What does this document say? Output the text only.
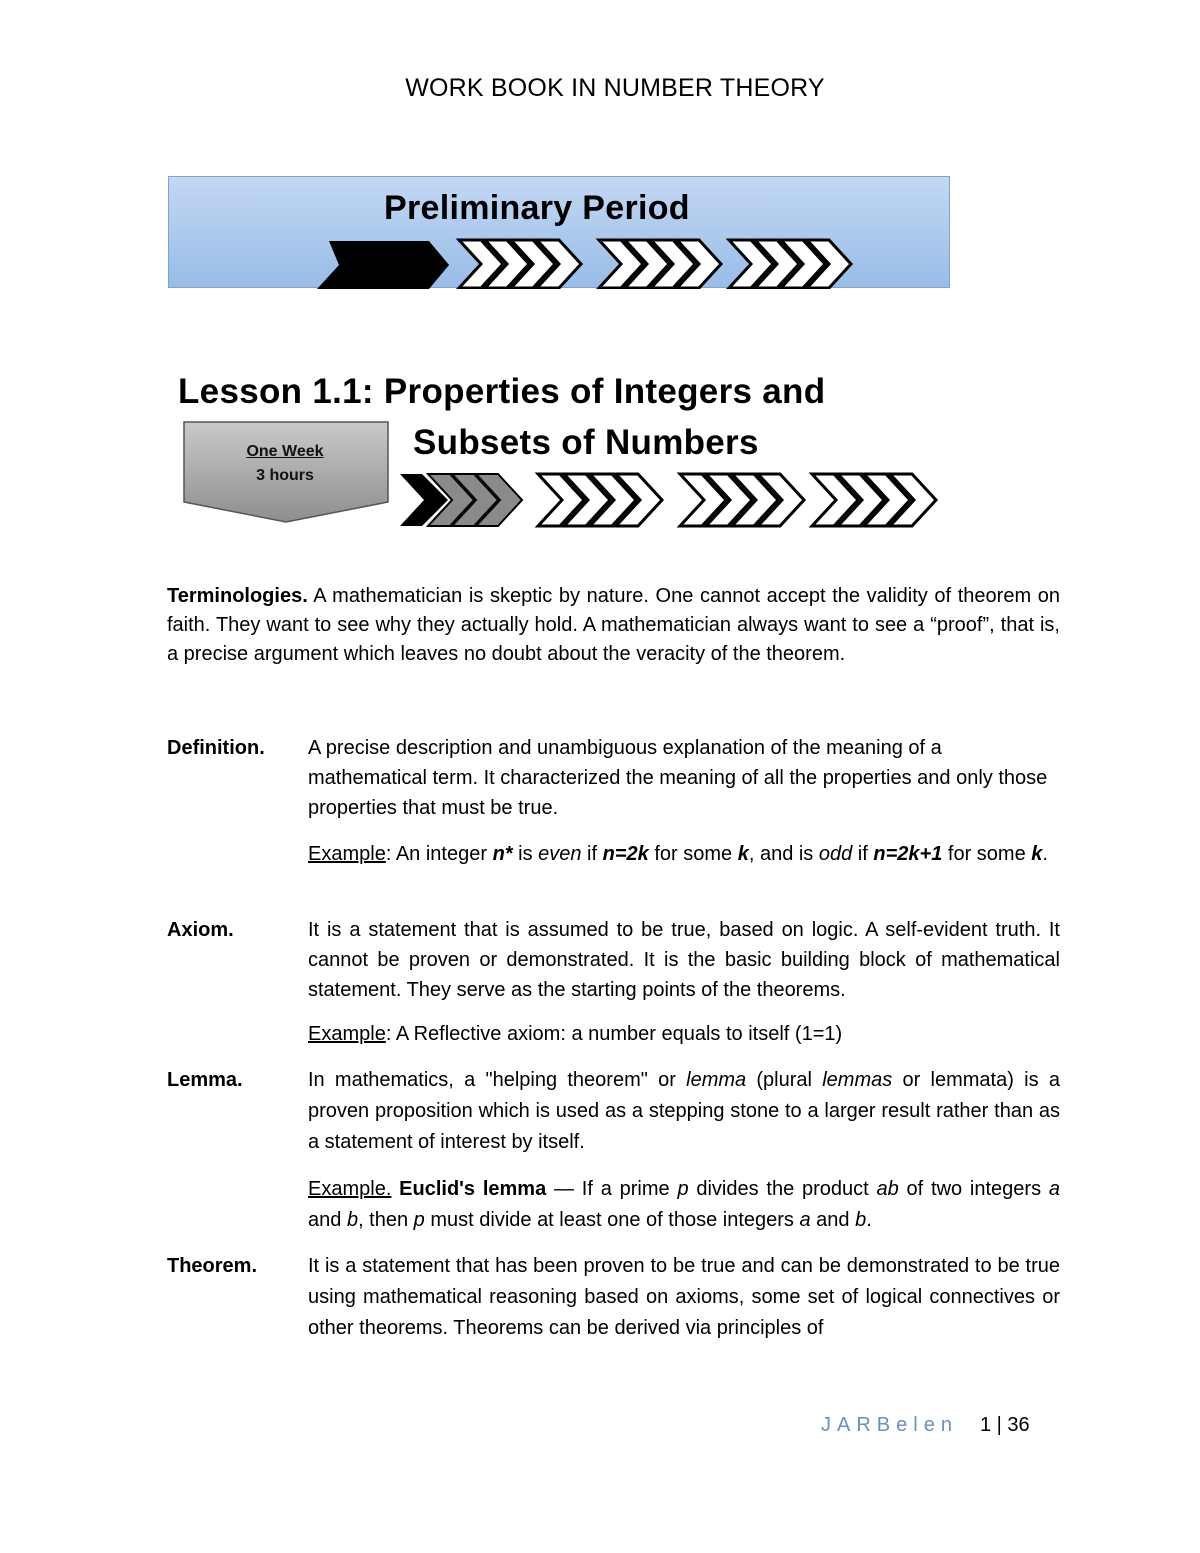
WORK BOOK IN NUMBER THEORY
Preliminary Period
Lesson 1.1: Properties of Integers and
Subsets of Numbers
One Week
3 hours
Terminologies. A mathematician is skeptic by nature. One cannot accept the validity of theorem on faith. They want to see why they actually hold. A mathematician always want to see a “proof”, that is, a precise argument which leaves no doubt about the veracity of the theorem.
Definition. A precise description and unambiguous explanation of the meaning of a mathematical term. It characterized the meaning of all the properties and only those properties that must be true.
Example: An integer n* is even if n=2k for some k, and is odd if n=2k+1 for some k.
Axiom.	It is a statement that is assumed to be true, based on logic. A self-evident truth. It cannot be proven or demonstrated. It is the basic building block of mathematical statement. They serve as the starting points of the theorems.
Example: A Reflective axiom: a number equals to itself (1=1)
Lemma.	In mathematics, a "helping theorem" or lemma (plural lemmas or lemmata) is a proven proposition which is used as a stepping stone to a larger result rather than as a statement of interest by itself.
Example. Euclid's lemma — If a prime p divides the product ab of two integers a and b, then p must divide at least one of those integers a and b.
Theorem.	It is a statement that has been proven to be true and can be demonstrated to be true using mathematical reasoning based on axioms, some set of logical connectives or other theorems. Theorems can be derived via principles of
JARBelen 1 | 36
